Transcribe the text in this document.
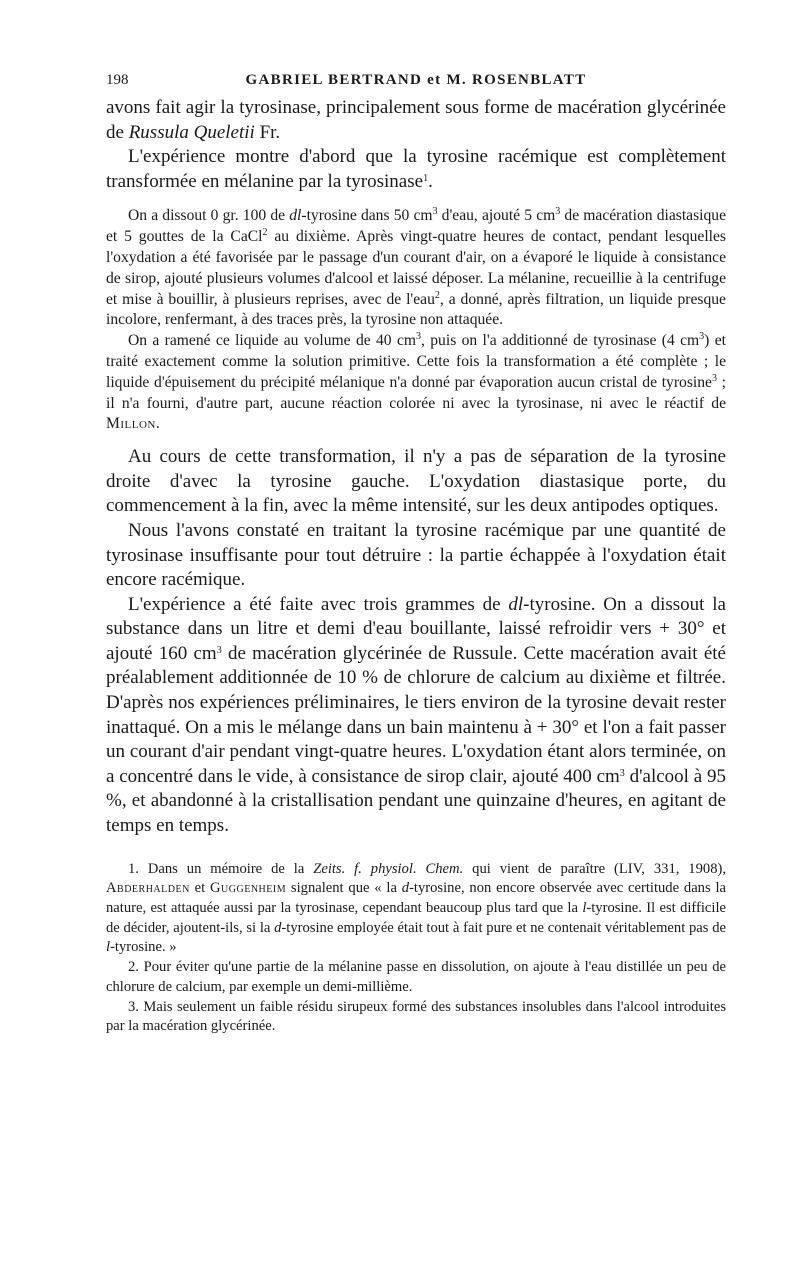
198	GABRIEL BERTRAND et M. ROSENBLATT

avons fait agir la tyrosinase, principalement sous forme de macération glycérinée de Russula Queletii Fr.

L'expérience montre d'abord que la tyrosine racémique est complètement transformée en mélanine par la tyrosinase$^1$.

On a dissout 0 gr. 100 de dl-tyrosine dans 50 $cm^3$ d'eau, ajouté 5 $cm^3$ de macération diastasique et 5 gouttes de la CaCl$^2$ au dixième. Après vingt-quatre heures de contact, pendant lesquelles l'oxydation a été favorisée par le passage d'un courant d'air, on a évaporé le liquide à consistance de sirop, ajouté plusieurs volumes d'alcool et laissé déposer. La mélanine, recueillie à la centrifuge et mise à bouillir, à plusieurs reprises, avec de l'eau$^2$, a donné, après filtration, un liquide presque incolore, renfermant, à des traces près, la tyrosine non attaquée.

On a ramené ce liquide au volume de 40 $cm^3$, puis on l'a additionné de tyrosinase (4 $cm^3$) et traité exactement comme la solution primitive. Cette fois la transformation a été complète ; le liquide d'épuisement du précipité mélanique n'a donné par évaporation aucun cristal de tyrosine$^3$ ; il n'a fourni, d'autre part, aucune réaction colorée ni avec la tyrosinase, ni avec le réactif de Millon.

Au cours de cette transformation, il n'y a pas de séparation de la tyrosine droite d'avec la tyrosine gauche. L'oxydation diastasique porte, du commencement à la fin, avec la même intensité, sur les deux antipodes optiques.

Nous l'avons constaté en traitant la tyrosine racémique par une quantité de tyrosinase insuffisante pour tout détruire : la partie échappée à l'oxydation était encore racémique.

L'expérience a été faite avec trois grammes de dl-tyrosine. On a dissout la substance dans un litre et demi d'eau bouillante, laissé refroidir vers + 30° et ajouté 160 $cm^3$ de macération glycérinée de Russule. Cette macération avait été préalablement additionnée de 10 % de chlorure de calcium au dixième et filtrée. D'après nos expériences préliminaires, le tiers environ de la tyrosine devait rester inattaqué. On a mis le mélange dans un bain maintenu à + 30° et l'on a fait passer un courant d'air pendant vingt-quatre heures. L'oxydation étant alors terminée, on a concentré dans le vide, à consistance de sirop clair, ajouté 400 $cm^3$ d'alcool à 95 %, et abandonné à la cristallisation pendant une quinzaine d'heures, en agitant de temps en temps.

1. Dans un mémoire de la Zeits. f. physiol. Chem. qui vient de paraître (LIV, 331, 1908), Abderhalden et Guggenheim signalent que « la d-tyrosine, non encore observée avec certitude dans la nature, est attaquée aussi par la tyrosinase, cependant beaucoup plus tard que la l-tyrosine. Il est difficile de décider, ajoutent-ils, si la d-tyrosine employée était tout à fait pure et ne contenait véritablement pas de l-tyrosine. »

2. Pour éviter qu'une partie de la mélanine passe en dissolution, on ajoute à l'eau distillée un peu de chlorure de calcium, par exemple un demi-millième.

3. Mais seulement un faible résidu sirupeux formé des substances insolubles dans l'alcool introduites par la macération glycérinée.
